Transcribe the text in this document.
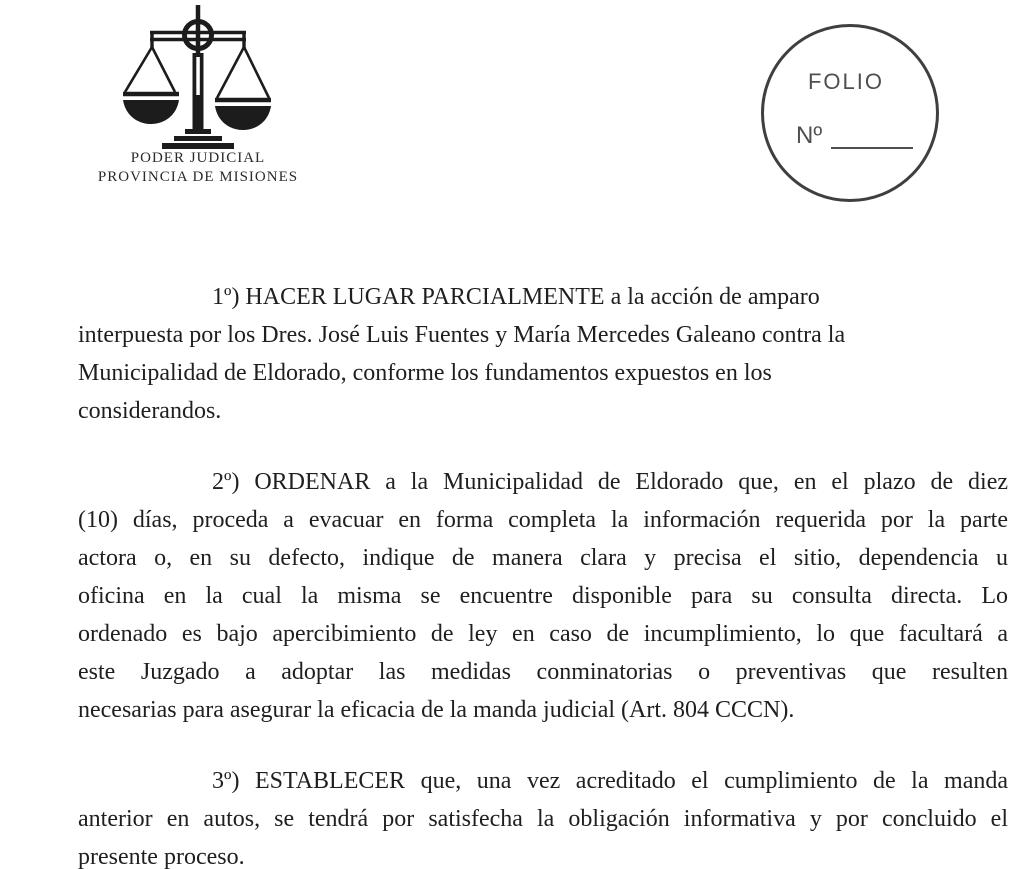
PODER JUDICIAL
PROVINCIA DE MISIONES
FOLIO
Nº
1º) HACER LUGAR PARCIALMENTE a la acción de amparo
interpuesta por los Dres. José Luis Fuentes y María Mercedes Galeano contra la
Municipalidad de Eldorado, conforme los fundamentos expuestos en los
considerandos.
2º) ORDENAR a la Municipalidad de Eldorado que, en el plazo de diez
(10) días, proceda a evacuar en forma completa la información requerida por la parte
actora o, en su defecto, indique de manera clara y precisa el sitio, dependencia u
oficina en la cual la misma se encuentre disponible para su consulta directa. Lo
ordenado es bajo apercibimiento de ley en caso de incumplimiento, lo que facultará a
este Juzgado a adoptar las medidas conminatorias o preventivas que resulten
necesarias para asegurar la eficacia de la manda judicial (Art. 804 CCCN).
3º) ESTABLECER que, una vez acreditado el cumplimiento de la manda
anterior en autos, se tendrá por satisfecha la obligación informativa y por concluido el
presente proceso.
